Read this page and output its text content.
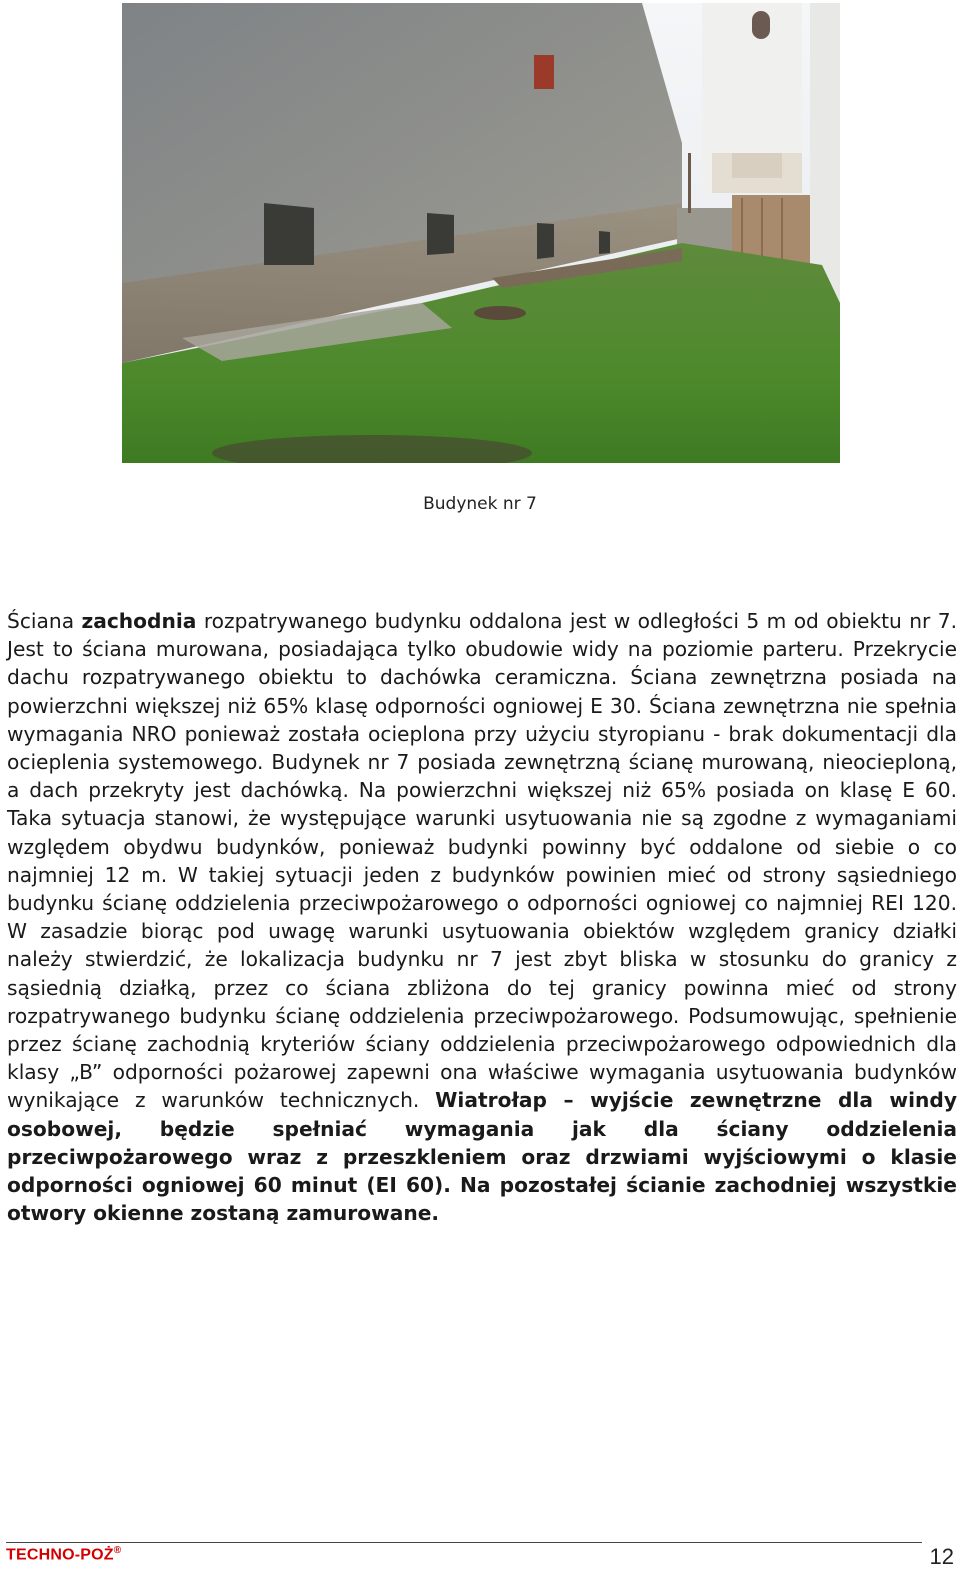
Budynek nr 7

Ściana zachodnia rozpatrywanego budynku oddalona jest w odległości 5 m od obiektu nr 7. Jest to ściana murowana, posiadająca tylko obudowie widy na poziomie parteru. Przekrycie dachu rozpatrywanego obiektu to dachówka ceramiczna. Ściana zewnętrzna posiada na powierzchni większej niż 65% klasę odporności ogniowej E 30. Ściana zewnętrzna nie spełnia wymagania NRO ponieważ została ocieplona przy użyciu styropianu - brak dokumentacji dla ocieplenia systemowego. Budynek nr 7 posiada zewnętrzną ścianę murowaną, nieocieploną, a dach przekryty jest dachówką. Na powierzchni większej niż 65% posiada on klasę E 60. Taka sytuacja stanowi, że występujące warunki usytuowania nie są zgodne z wymaganiami względem obydwu budynków, ponieważ budynki powinny być oddalone od siebie o co najmniej 12 m. W takiej sytuacji jeden z budynków powinien mieć od strony sąsiedniego budynku ścianę oddzielenia przeciwpożarowego o odporności ogniowej co najmniej REI 120. W zasadzie biorąc pod uwagę warunki usytuowania obiektów względem granicy działki należy stwierdzić, że lokalizacja budynku nr 7 jest zbyt bliska w stosunku do granicy z sąsiednią działką, przez co ściana zbliżona do tej granicy powinna mieć od strony rozpatrywanego budynku ścianę oddzielenia przeciwpożarowego. Podsumowując, spełnienie przez ścianę zachodnią kryteriów ściany oddzielenia przeciwpożarowego odpowiednich dla klasy „B” odporności pożarowej zapewni ona właściwe wymagania usytuowania budynków wynikające z warunków technicznych. Wiatrołap – wyjście zewnętrzne dla windy osobowej, będzie spełniać wymagania jak dla ściany oddzielenia przeciwpożarowego wraz z przeszkleniem oraz drzwiami wyjściowymi o klasie odporności ogniowej 60 minut (EI 60). Na pozostałej ścianie zachodniej wszystkie otwory okienne zostaną zamurowane.

TECHNO-POŻ®	12
